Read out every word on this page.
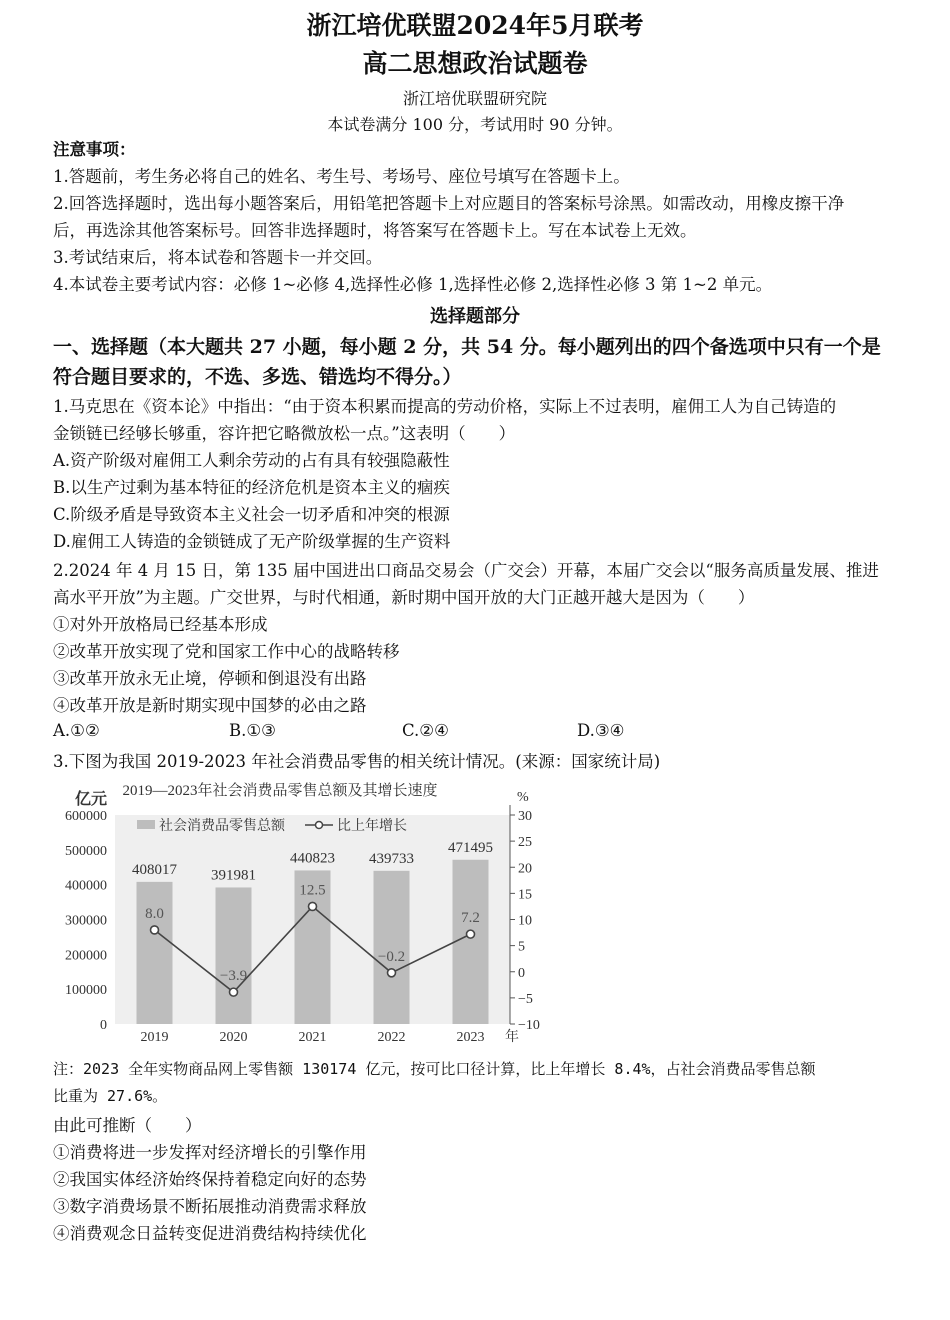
浙江培优联盟2024年5月联考
高二思想政治试题卷
浙江培优联盟研究院
本试卷满分 100 分，考试用时 90 分钟。
注意事项：
1.答题前，考生务必将自己的姓名、考生号、考场号、座位号填写在答题卡上。
2.回答选择题时，选出每小题答案后，用铅笔把答题卡上对应题目的答案标号涂黑。如需改动，用橡皮擦干净
后，再选涂其他答案标号。回答非选择题时，将答案写在答题卡上。写在本试卷上无效。
3.考试结束后，将本试卷和答题卡一并交回。
4.本试卷主要考试内容：必修 1~必修 4,选择性必修 1,选择性必修 2,选择性必修 3 第 1~2 单元。
选择题部分
一、选择题（本大题共 27 小题，每小题 2 分，共 54 分。每小题列出的四个备选项中只有一个是
符合题目要求的，不选、多选、错选均不得分。）
1.马克思在《资本论》中指出：“由于资本积累而提高的劳动价格，实际上不过表明，雇佣工人为自己铸造的
金锁链已经够长够重，容许把它略微放松一点。”这表明（　　）
A.资产阶级对雇佣工人剩余劳动的占有具有较强隐蔽性
B.以生产过剩为基本特征的经济危机是资本主义的痼疾
C.阶级矛盾是导致资本主义社会一切矛盾和冲突的根源
D.雇佣工人铸造的金锁链成了无产阶级掌握的生产资料
2.2024 年 4 月 15 日，第 135 届中国进出口商品交易会（广交会）开幕，本届广交会以“服务高质量发展、推进
高水平开放”为主题。广交世界，与时代相通，新时期中国开放的大门正越开越大是因为（　　）
①对外开放格局已经基本形成
②改革开放实现了党和国家工作中心的战略转移
③改革开放永无止境，停顿和倒退没有出路
④改革开放是新时期实现中国梦的必由之路
A.①②	B.①③	C.②④	D.③④
3.下图为我国 2019-2023 年社会消费品零售的相关统计情况。(来源：国家统计局)
2019—2023年社会消费品零售总额及其增长速度
亿元	%
408017 391981
440823 439733
471495
8.0
−3.9
12.5
−0.2
7.2
600000
500000
400000
300000
200000
100000
0
30
25
20
15
10
5
0
−5
−10
2019	2020	2021	2022	2023
社会消费品零售总额	比上年增长
年
注：2023 全年实物商品网上零售额 130174 亿元，按可比口径计算，比上年增长 8.4%，占社会消费品零售总额
比重为 27.6%。
由此可推断（　　）
①消费将进一步发挥对经济增长的引擎作用
②我国实体经济始终保持着稳定向好的态势
③数字消费场景不断拓展推动消费需求释放
④消费观念日益转变促进消费结构持续优化
